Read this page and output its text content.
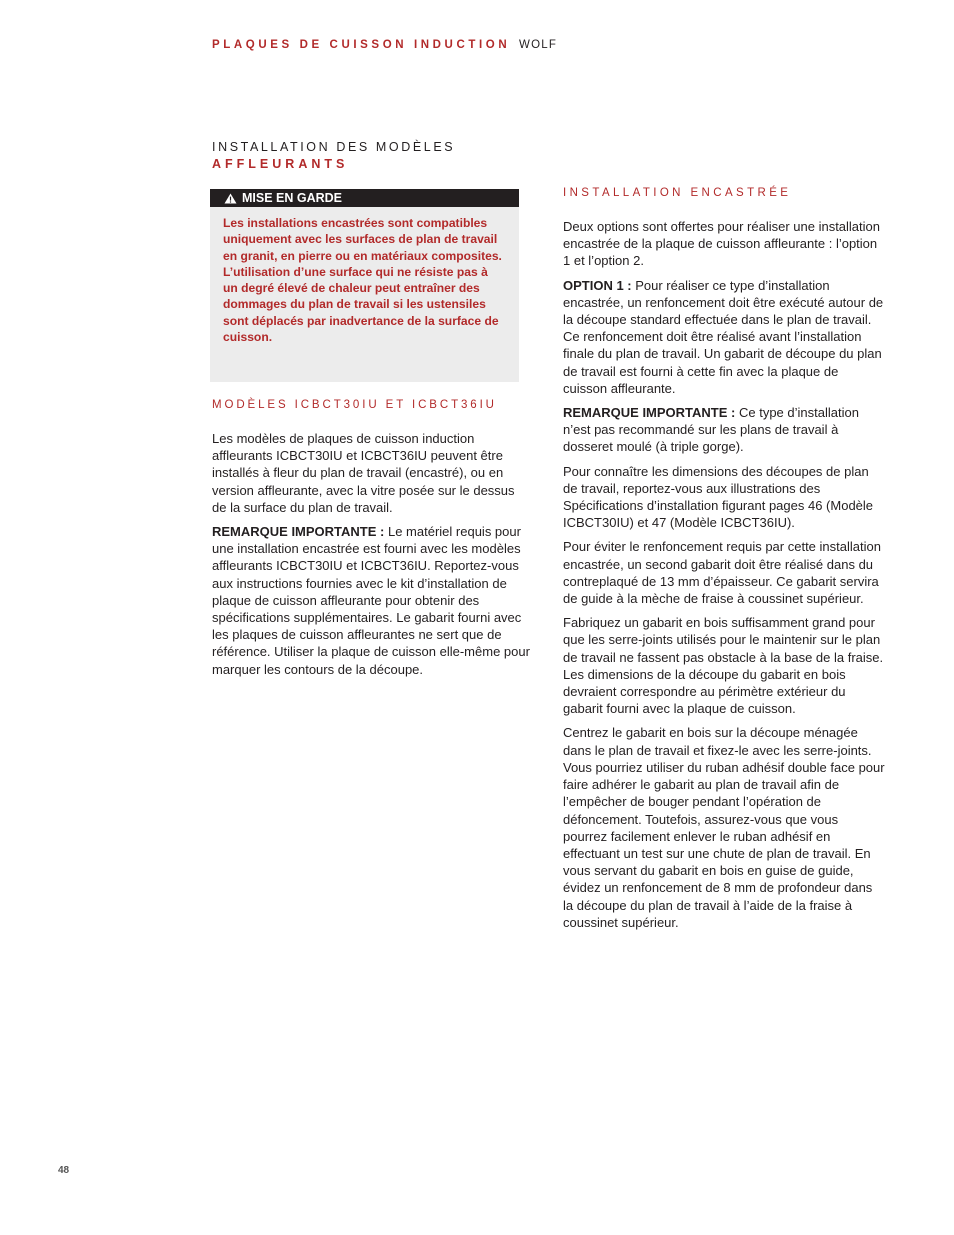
PLAQUES DE CUISSON INDUCTION WOLF
INSTALLATION DES MODÈLES
AFFLEURANTS
MISE EN GARDE
Les installations encastrées sont compatibles uniquement avec les surfaces de plan de travail en granit, en pierre ou en matériaux composites. L’utilisation d’une surface qui ne résiste pas à un degré élevé de chaleur peut entraîner des dommages du plan de travail si les ustensiles sont déplacés par inadvertance de la surface de cuisson.
MODÈLES ICBCT30IU ET ICBCT36IU

Les modèles de plaques de cuisson induction affleurants ICBCT30IU et ICBCT36IU peuvent être installés à fleur du plan de travail (encastré), ou en version affleurante, avec la vitre posée sur le dessus de la surface du plan de travail.

REMARQUE IMPORTANTE : Le matériel requis pour une installation encastrée est fourni avec les modèles affleurants ICBCT30IU et ICBCT36IU. Reportez-vous aux instructions fournies avec le kit d’installation de plaque de cuisson affleurante pour obtenir des spécifications supplémentaires. Le gabarit fourni avec les plaques de cuisson affleurantes ne sert que de référence. Utiliser la plaque de cuisson elle-même pour marquer les contours de la découpe.

INSTALLATION ENCASTRÉE

Deux options sont offertes pour réaliser une installation encastrée de la plaque de cuisson affleurante : l’option 1 et l’option 2.

OPTION 1 : Pour réaliser ce type d’installation encastrée, un renfoncement doit être exécuté autour de la découpe standard effectuée dans le plan de travail. Ce renfoncement doit être réalisé avant l’installation finale du plan de travail. Un gabarit de découpe du plan de travail est fourni à cette fin avec la plaque de cuisson affleurante.

REMARQUE IMPORTANTE : Ce type d’installation n’est pas recommandé sur les plans de travail à dosseret moulé (à triple gorge).

Pour connaître les dimensions des découpes de plan de travail, reportez-vous aux illustrations des Spécifications d’installation figurant pages 46 (Modèle ICBCT30IU) et 47 (Modèle ICBCT36IU).

Pour éviter le renfoncement requis par cette installation encastrée, un second gabarit doit être réalisé dans du contreplaqué de 13 mm d’épaisseur. Ce gabarit servira de guide à la mèche de fraise à coussinet supérieur.

Fabriquez un gabarit en bois suffisamment grand pour que les serre-joints utilisés pour le maintenir sur le plan de travail ne fassent pas obstacle à la base de la fraise. Les dimensions de la découpe du gabarit en bois devraient correspondre au périmètre extérieur du gabarit fourni avec la plaque de cuisson.

Centrez le gabarit en bois sur la découpe ménagée dans le plan de travail et fixez-le avec les serre-joints. Vous pourriez utiliser du ruban adhésif double face pour faire adhérer le gabarit au plan de travail afin de l’empêcher de bouger pendant l’opération de défoncement. Toutefois, assurez-vous que vous pourrez facilement enlever le ruban adhésif en effectuant un test sur une chute de plan de travail. En vous servant du gabarit en bois en guise de guide, évidez un renfoncement de 8 mm de profondeur dans la découpe du plan de travail à l’aide de la fraise à coussinet supérieur.

48
